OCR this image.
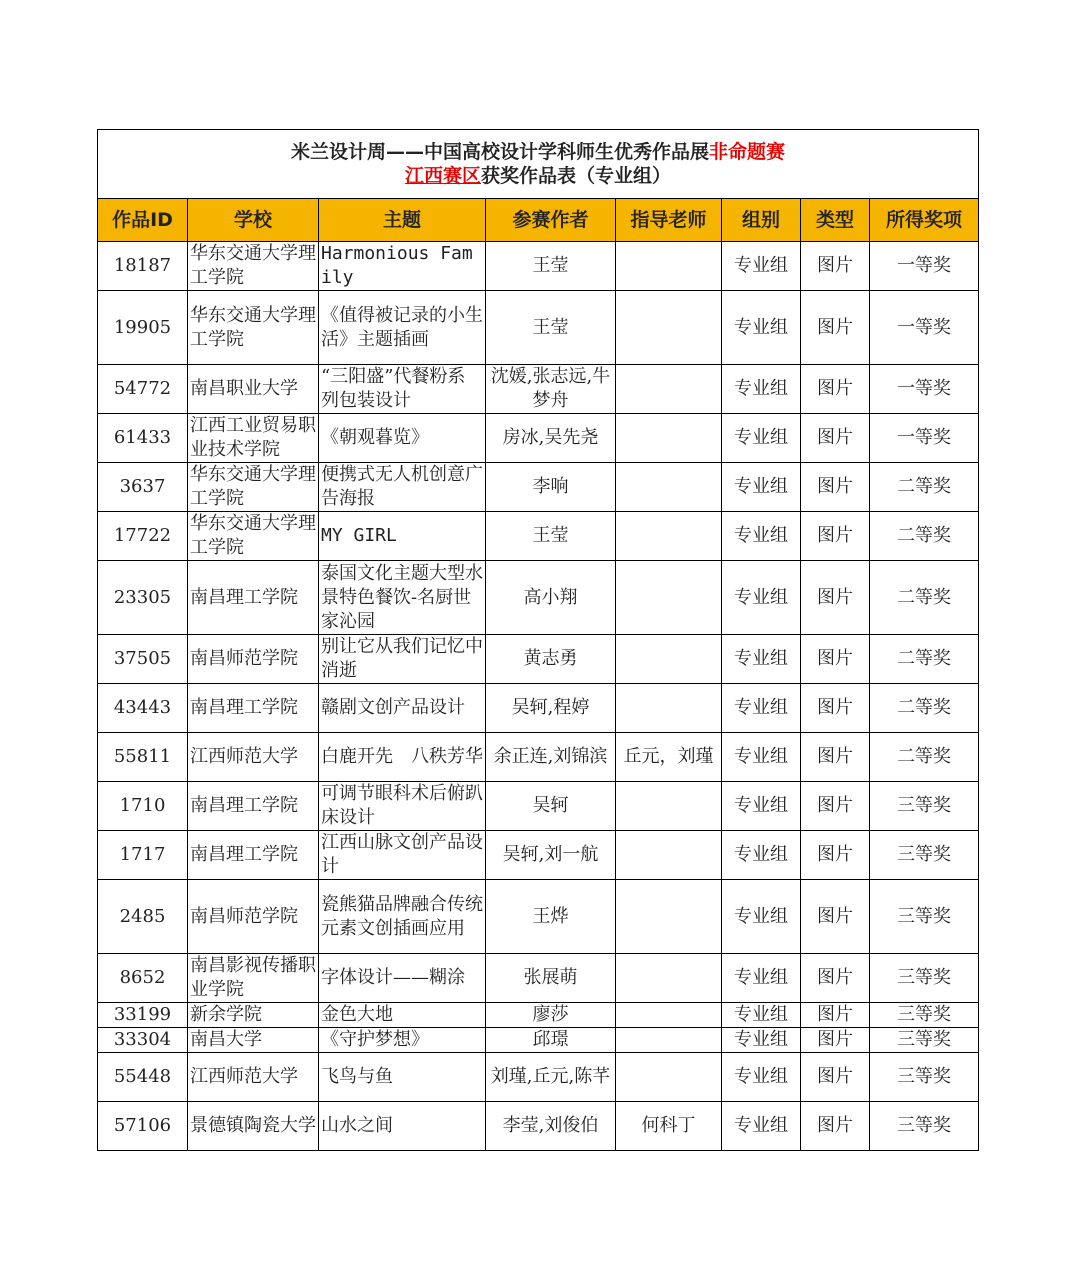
米兰设计周——中国高校设计学科师生优秀作品展非命题赛
江西赛区获奖作品表（专业组）							
作品ID	学校	主题	参赛作者	指导老师	组别	类型	所得奖项
18187	华东交通大学理工学院	Harmonious Family	王莹		专业组	图片	一等奖
19905	华东交通大学理工学院	《值得被记录的小生活》主题插画	王莹		专业组	图片	一等奖
54772	南昌职业大学	“三阳盛”代餐粉系列包装设计	沈媛,张志远,牛梦舟		专业组	图片	一等奖
61433	江西工业贸易职业技术学院	《朝观暮览》	房冰,吴先尧		专业组	图片	一等奖
3637	华东交通大学理工学院	便携式无人机创意广告海报	李响		专业组	图片	二等奖
17722	华东交通大学理工学院	MY GIRL	王莹		专业组	图片	二等奖
23305	南昌理工学院	泰国文化主题大型水景特色餐饮-名厨世家沁园	高小翔		专业组	图片	二等奖
37505	南昌师范学院	别让它从我们记忆中消逝	黄志勇		专业组	图片	二等奖
43443	南昌理工学院	赣剧文创产品设计	吴轲,程婷		专业组	图片	二等奖
55811	江西师范大学	白鹿开先　八秩芳华	余正连,刘锦滨	丘元，刘瑾	专业组	图片	二等奖
1710	南昌理工学院	可调节眼科术后俯趴床设计	吴轲		专业组	图片	三等奖
1717	南昌理工学院	江西山脉文创产品设计	吴轲,刘一航		专业组	图片	三等奖
2485	南昌师范学院	瓷熊猫品牌融合传统元素文创插画应用	王烨		专业组	图片	三等奖
8652	南昌影视传播职业学院	字体设计——糊涂	张展萌		专业组	图片	三等奖
33199	新余学院	金色大地	廖莎		专业组	图片	三等奖
33304	南昌大学	《守护梦想》	邱璟		专业组	图片	三等奖
55448	江西师范大学	飞鸟与鱼	刘瑾,丘元,陈芊		专业组	图片	三等奖
57106	景德镇陶瓷大学	山水之间	李莹,刘俊伯	何科丁	专业组	图片	三等奖
